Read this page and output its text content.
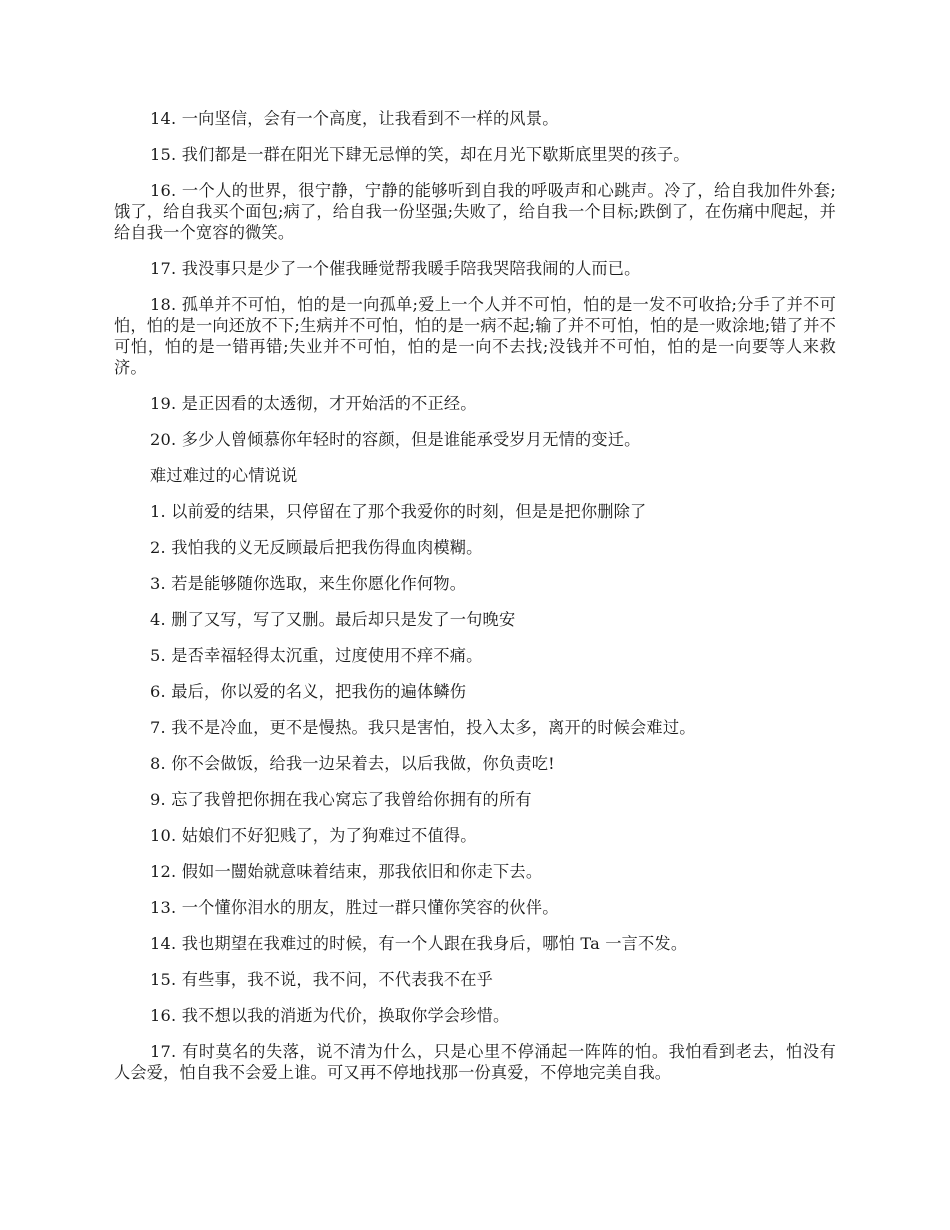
14. 一向坚信，会有一个高度，让我看到不一样的风景。

15. 我们都是一群在阳光下肆无忌惮的笑，却在月光下歇斯底里哭的孩子。

16. 一个人的世界，很宁静，宁静的能够听到自我的呼吸声和心跳声。冷了，给自我加件外套;饿了，给自我买个面包;病了，给自我一份坚强;失败了，给自我一个目标;跌倒了，在伤痛中爬起，并给自我一个宽容的微笑。

17. 我没事只是少了一个催我睡觉帮我暖手陪我哭陪我闹的人而已。

18. 孤单并不可怕，怕的是一向孤单;爱上一个人并不可怕，怕的是一发不可收拾;分手了并不可怕，怕的是一向还放不下;生病并不可怕，怕的是一病不起;输了并不可怕，怕的是一败涂地;错了并不可怕，怕的是一错再错;失业并不可怕，怕的是一向不去找;没钱并不可怕，怕的是一向要等人来救济。

19. 是正因看的太透彻，才开始活的不正经。

20. 多少人曾倾慕你年轻时的容颜，但是谁能承受岁月无情的变迁。

难过难过的心情说说

1. 以前爱的结果，只停留在了那个我爱你的时刻，但是是把你删除了

2. 我怕我的义无反顾最后把我伤得血肉模糊。

3. 若是能够随你选取，来生你愿化作何物。

4. 删了又写，写了又删。最后却只是发了一句晚安

5. 是否幸福轻得太沉重，过度使用不痒不痛。

6. 最后，你以爱的名义，把我伤的遍体鳞伤

7. 我不是冷血，更不是慢热。我只是害怕，投入太多，离开的时候会难过。

8. 你不会做饭，给我一边呆着去，以后我做，你负责吃!

9. 忘了我曾把你拥在我心窝忘了我曾给你拥有的所有

10. 姑娘们不好犯贱了，为了狗难过不值得。

12. 假如一闓始就意味着结束，那我依旧和你走下去。

13. 一个懂你泪水的朋友，胜过一群只懂你笑容的伙伴。

14. 我也期望在我难过的时候，有一个人跟在我身后，哪怕 Ta 一言不发。

15. 有些事，我不说，我不问，不代表我不在乎

16. 我不想以我的消逝为代价，换取你学会珍惜。

17. 有时莫名的失落，说不清为什么，只是心里不停涌起一阵阵的怕。我怕看到老去，怕没有人会爱，怕自我不会爱上谁。可又再不停地找那一份真爱，不停地完美自我。
